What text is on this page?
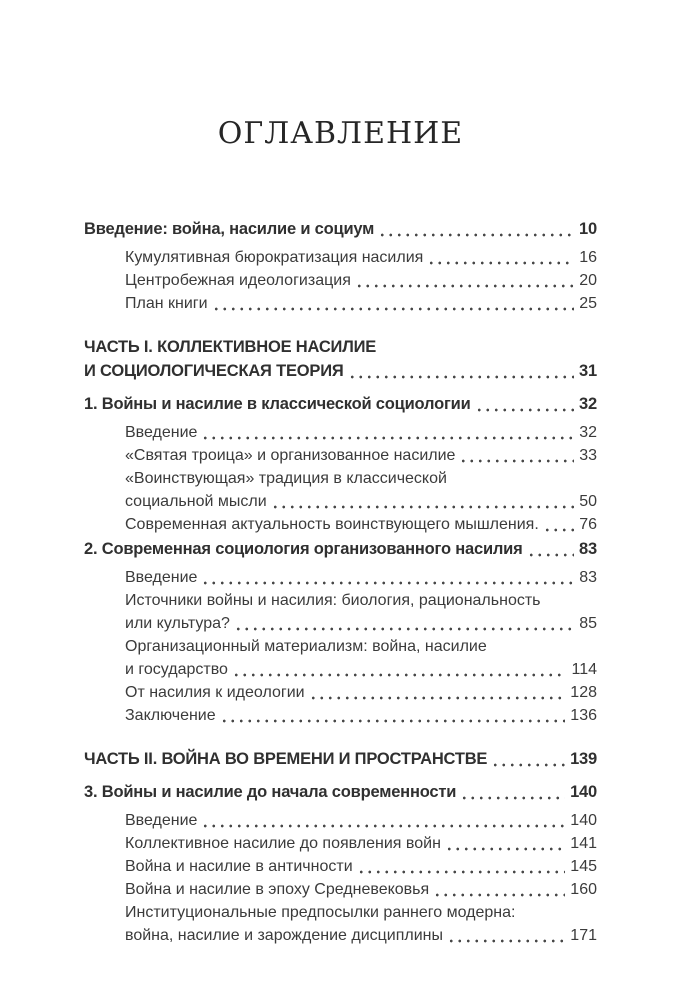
ОГЛАВЛЕНИЕ
Введение: война, насилие и социум	10
Кумулятивная бюрократизация насилия	16
Центробежная идеологизация	20
План книги	25
ЧАСТЬ I. КОЛЛЕКТИВНОЕ НАСИЛИЕ
И СОЦИОЛОГИЧЕСКАЯ ТЕОРИЯ	31
1. Войны и насилие в классической социологии	32
Введение	32
«Святая троица» и организованное насилие	33
«Воинствующая» традиция в классической
социальной мысли	50
Современная актуальность воинствующего мышления.	76
2. Современная социология организованного насилия	83
Введение	83
Источники войны и насилия: биология, рациональность
или культура?	85
Организационный материализм: война, насилие
и государство	114
От насилия к идеологии	128
Заключение	136
ЧАСТЬ II. ВОЙНА ВО ВРЕМЕНИ И ПРОСТРАНСТВЕ	139
3. Войны и насилие до начала современности	140
Введение	140
Коллективное насилие до появления войн	141
Война и насилие в античности	145
Война и насилие в эпоху Средневековья	160
Институциональные предпосылки раннего модерна:
война, насилие и зарождение дисциплины	171
